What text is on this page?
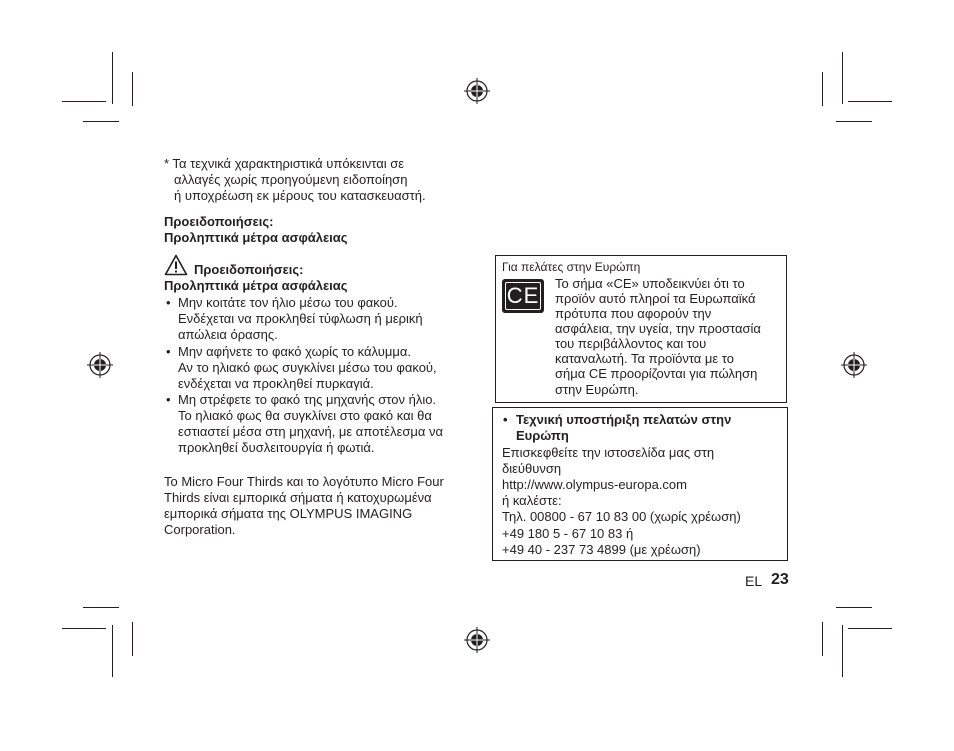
* Τα τεχνικά χαρακτηριστικά υπόκεινται σε
αλλαγές χωρίς προηγούμενη ειδοποίηση
ή υποχρέωση εκ μέρους του κατασκευαστή.
Προειδοποιήσεις:
Προληπτικά μέτρα ασφάλειας
Προειδοποιήσεις:
Προληπτικά μέτρα ασφάλειας
• Μην κοιτάτε τον ήλιο μέσω του φακού.
Ενδέχεται να προκληθεί τύφλωση ή μερική
απώλεια όρασης.
• Μην αφήνετε το φακό χωρίς το κάλυμμα.
Αν το ηλιακό φως συγκλίνει μέσω του φακού,
ενδέχεται να προκληθεί πυρκαγιά.
• Μη στρέφετε το φακό της μηχανής στον ήλιο.
Το ηλιακό φως θα συγκλίνει στο φακό και θα
εστιαστεί μέσα στη μηχανή, με αποτέλεσμα να
προκληθεί δυσλειτουργία ή φωτιά.
Το Micro Four Thirds και το λογότυπο Micro Four
Thirds είναι εμπορικά σήματα ή κατοχυρωμένα
εμπορικά σήματα της OLYMPUS IMAGING
Corporation.
Για πελάτες στην Ευρώπη
CE Το σήμα «CE» υποδεικνύει ότι το
προϊόν αυτό πληροί τα Ευρωπαϊκά
πρότυπα που αφορούν την
ασφάλεια, την υγεία, την προστασία
του περιβάλλοντος και του
καταναλωτή. Τα προϊόντα με το
σήμα CE προορίζονται για πώληση
στην Ευρώπη.
• Τεχνική υποστήριξη πελατών στην
Ευρώπη
Επισκεφθείτε την ιστοσελίδα μας στη
διεύθυνση
http://www.olympus-europa.com
ή καλέστε:
Τηλ. 00800 - 67 10 83 00 (χωρίς χρέωση)
+49 180 5 - 67 10 83 ή
+49 40 - 237 73 4899 (με χρέωση)
EL 23
